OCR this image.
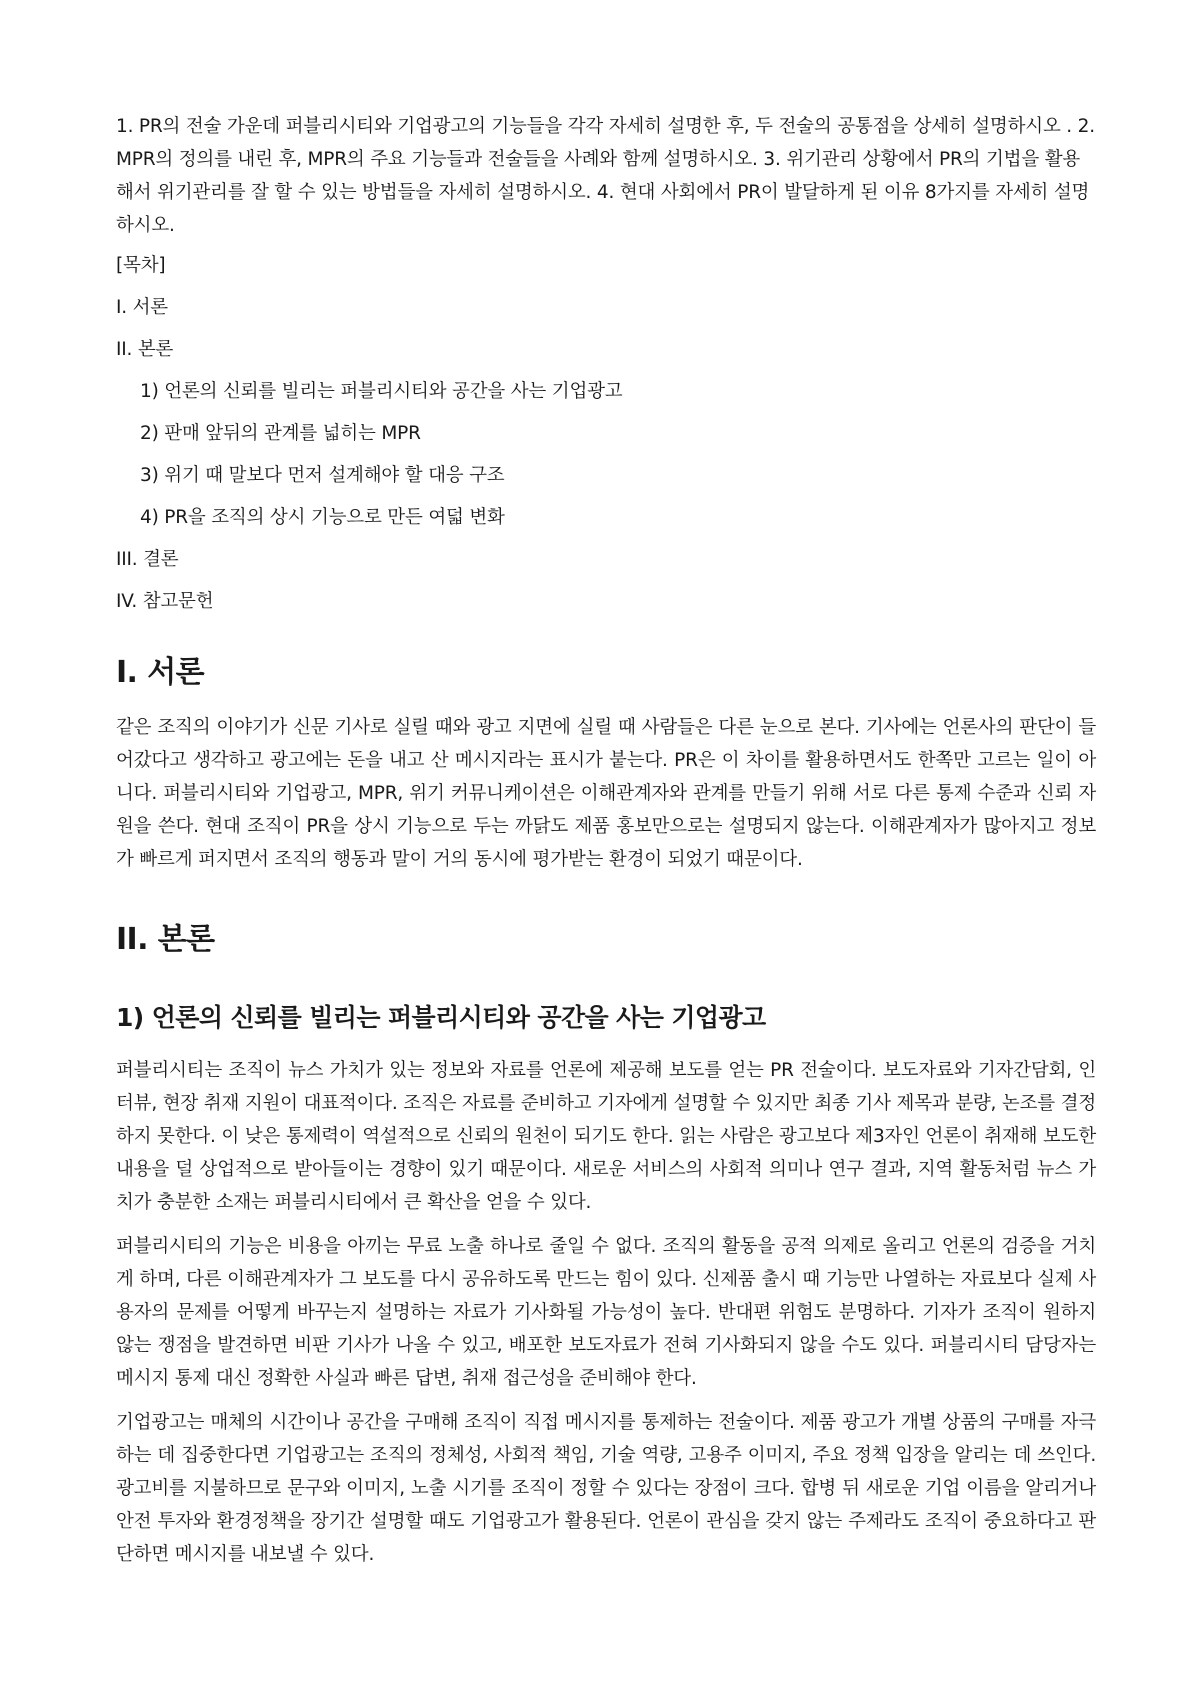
1. PR의 전술 가운데 퍼블리시티와 기업광고의 기능들을 각각 자세히 설명한 후, 두 전술의 공통점을 상세히 설명하시오 . 2. MPR의 정의를 내린 후, MPR의 주요 기능들과 전술들을 사례와 함께 설명하시오. 3. 위기관리 상황에서 PR의 기법을 활용해서 위기관리를 잘 할 수 있는 방법들을 자세히 설명하시오. 4. 현대 사회에서 PR이 발달하게 된 이유 8가지를 자세히 설명하시오.

[목차]

I. 서론

II. 본론

1) 언론의 신뢰를 빌리는 퍼블리시티와 공간을 사는 기업광고

2) 판매 앞뒤의 관계를 넓히는 MPR

3) 위기 때 말보다 먼저 설계해야 할 대응 구조

4) PR을 조직의 상시 기능으로 만든 여덟 변화

III. 결론

IV. 참고문헌

I. 서론

같은 조직의 이야기가 신문 기사로 실릴 때와 광고 지면에 실릴 때 사람들은 다른 눈으로 본다. 기사에는 언론사의 판단이 들어갔다고 생각하고 광고에는 돈을 내고 산 메시지라는 표시가 붙는다. PR은 이 차이를 활용하면서도 한쪽만 고르는 일이 아니다. 퍼블리시티와 기업광고, MPR, 위기 커뮤니케이션은 이해관계자와 관계를 만들기 위해 서로 다른 통제 수준과 신뢰 자원을 쓴다. 현대 조직이 PR을 상시 기능으로 두는 까닭도 제품 홍보만으로는 설명되지 않는다. 이해관계자가 많아지고 정보가 빠르게 퍼지면서 조직의 행동과 말이 거의 동시에 평가받는 환경이 되었기 때문이다.

II. 본론
1) 언론의 신뢰를 빌리는 퍼블리시티와 공간을 사는 기업광고

퍼블리시티는 조직이 뉴스 가치가 있는 정보와 자료를 언론에 제공해 보도를 얻는 PR 전술이다. 보도자료와 기자간담회, 인터뷰, 현장 취재 지원이 대표적이다. 조직은 자료를 준비하고 기자에게 설명할 수 있지만 최종 기사 제목과 분량, 논조를 결정하지 못한다. 이 낮은 통제력이 역설적으로 신뢰의 원천이 되기도 한다. 읽는 사람은 광고보다 제3자인 언론이 취재해 보도한 내용을 덜 상업적으로 받아들이는 경향이 있기 때문이다. 새로운 서비스의 사회적 의미나 연구 결과, 지역 활동처럼 뉴스 가치가 충분한 소재는 퍼블리시티에서 큰 확산을 얻을 수 있다.

퍼블리시티의 기능은 비용을 아끼는 무료 노출 하나로 줄일 수 없다. 조직의 활동을 공적 의제로 올리고 언론의 검증을 거치게 하며, 다른 이해관계자가 그 보도를 다시 공유하도록 만드는 힘이 있다. 신제품 출시 때 기능만 나열하는 자료보다 실제 사용자의 문제를 어떻게 바꾸는지 설명하는 자료가 기사화될 가능성이 높다. 반대편 위험도 분명하다. 기자가 조직이 원하지 않는 쟁점을 발견하면 비판 기사가 나올 수 있고, 배포한 보도자료가 전혀 기사화되지 않을 수도 있다. 퍼블리시티 담당자는 메시지 통제 대신 정확한 사실과 빠른 답변, 취재 접근성을 준비해야 한다.

기업광고는 매체의 시간이나 공간을 구매해 조직이 직접 메시지를 통제하는 전술이다. 제품 광고가 개별 상품의 구매를 자극하는 데 집중한다면 기업광고는 조직의 정체성, 사회적 책임, 기술 역량, 고용주 이미지, 주요 정책 입장을 알리는 데 쓰인다. 광고비를 지불하므로 문구와 이미지, 노출 시기를 조직이 정할 수 있다는 장점이 크다. 합병 뒤 새로운 기업 이름을 알리거나 안전 투자와 환경정책을 장기간 설명할 때도 기업광고가 활용된다. 언론이 관심을 갖지 않는 주제라도 조직이 중요하다고 판단하면 메시지를 내보낼 수 있다.
